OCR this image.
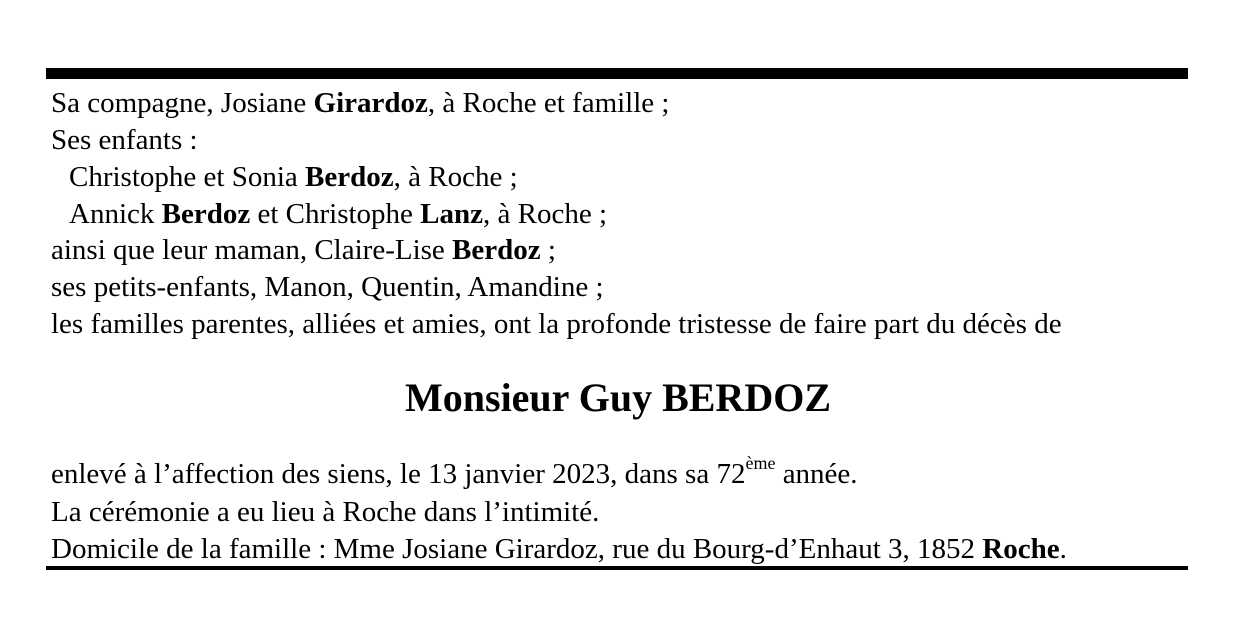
Sa compagne, Josiane Girardoz, à Roche et famille ;
Ses enfants :
Christophe et Sonia Berdoz, à Roche ;
Annick Berdoz et Christophe Lanz, à Roche ;
ainsi que leur maman, Claire-Lise Berdoz ;
ses petits-enfants, Manon, Quentin, Amandine ;
les familles parentes, alliées et amies, ont la profonde tristesse de faire part du décès de
Monsieur Guy BERDOZ
enlevé à l’affection des siens, le 13 janvier 2023, dans sa 72ème année.
La cérémonie a eu lieu à Roche dans l’intimité.
Domicile de la famille : Mme Josiane Girardoz, rue du Bourg-d’Enhaut 3, 1852 Roche.
